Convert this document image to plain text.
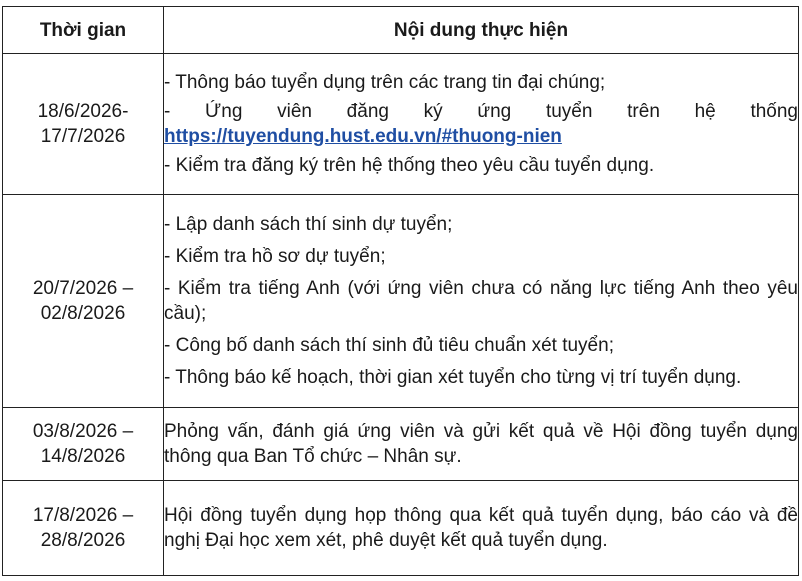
Thời gian	Nội dung thực hiện

18/6/2026-
17/7/2026	- Thông báo tuyển dụng trên các trang tin đại chúng;
- Ứng viên đăng ký ứng tuyển trên hệ thống
https://tuyendung.hust.edu.vn/#thuong-nien
- Kiểm tra đăng ký trên hệ thống theo yêu cầu tuyển dụng.

20/7/2026 –
02/8/2026	- Lập danh sách thí sinh dự tuyển;
- Kiểm tra hồ sơ dự tuyển;
- Kiểm tra tiếng Anh (với ứng viên chưa có năng lực tiếng Anh theo yêu cầu);
- Công bố danh sách thí sinh đủ tiêu chuẩn xét tuyển;
- Thông báo kế hoạch, thời gian xét tuyển cho từng vị trí tuyển dụng.

03/8/2026 –
14/8/2026	Phỏng vấn, đánh giá ứng viên và gửi kết quả về Hội đồng tuyển dụng thông qua Ban Tổ chức – Nhân sự.

17/8/2026 –
28/8/2026	Hội đồng tuyển dụng họp thông qua kết quả tuyển dụng, báo cáo và đề nghị Đại học xem xét, phê duyệt kết quả tuyển dụng.
